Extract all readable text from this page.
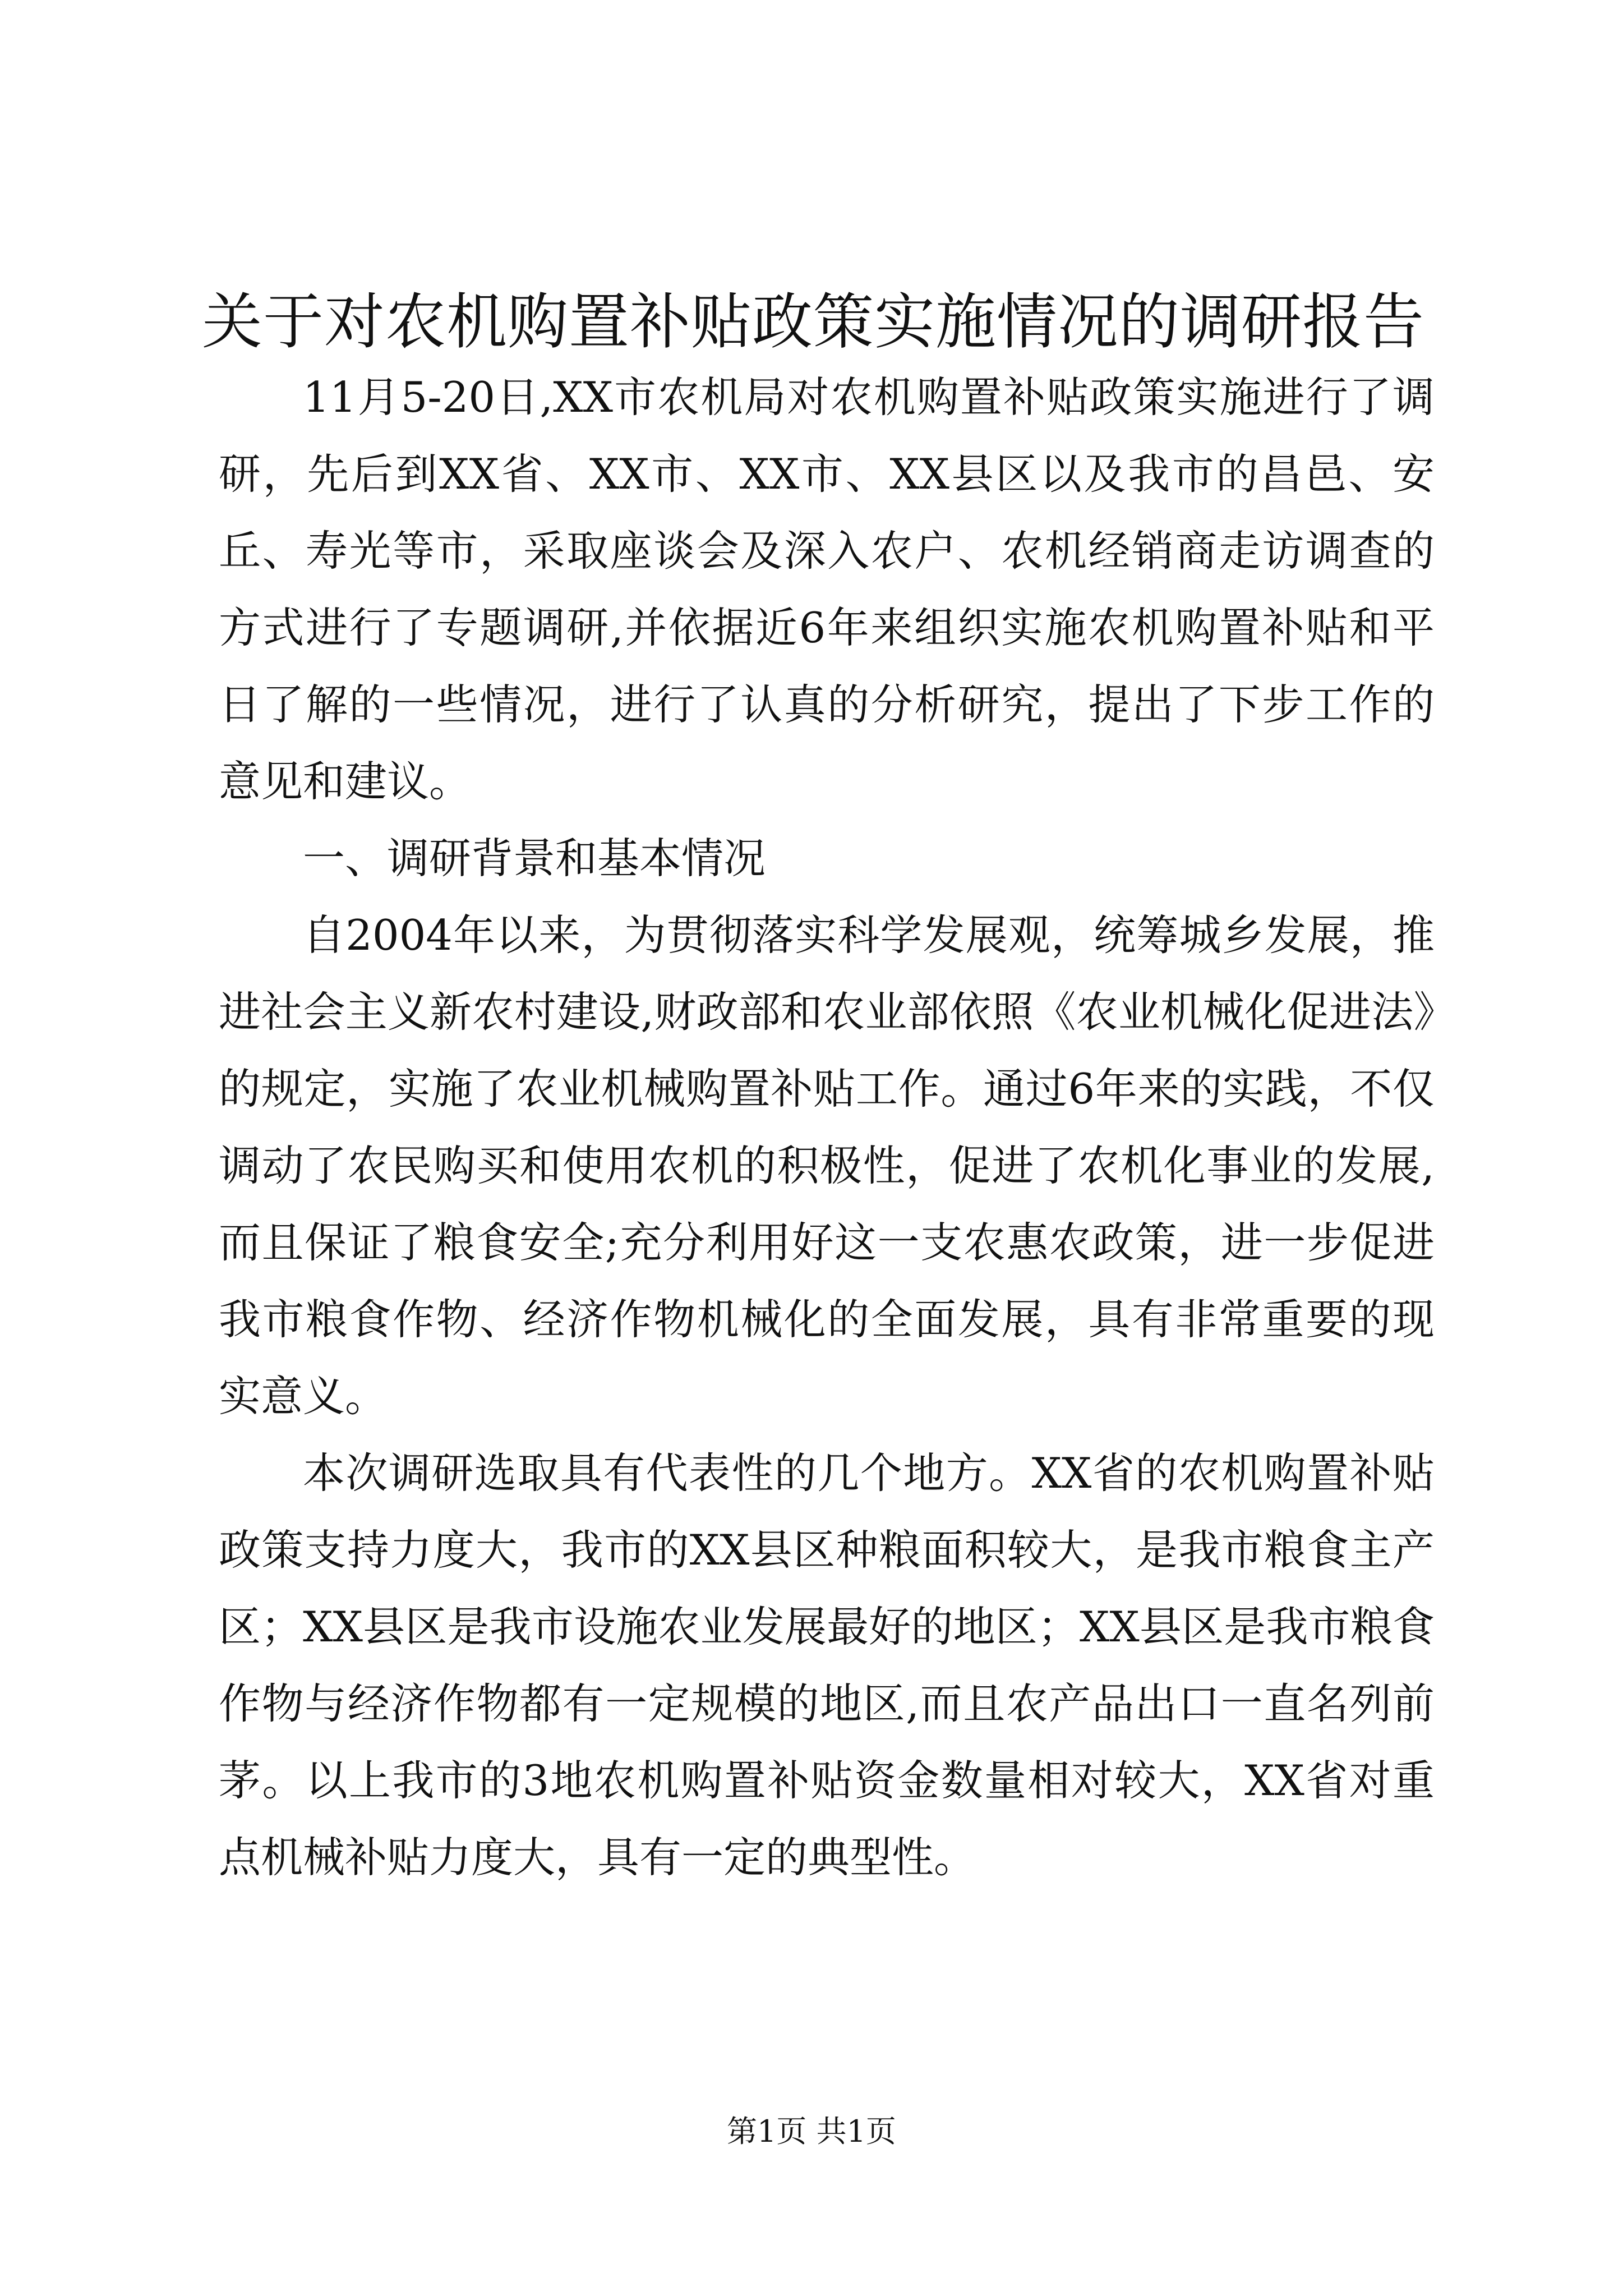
关于对农机购置补贴政策实施情况的调研报告

11月5-20日,XX市农机局对农机购置补贴政策实施进行了调研，先后到XX省、XX市、XX市、XX县区以及我市的昌邑、安丘、寿光等市，采取座谈会及深入农户、农机经销商走访调查的方式进行了专题调研,并依据近6年来组织实施农机购置补贴和平日了解的一些情况，进行了认真的分析研究，提出了下步工作的意见和建议。

一、调研背景和基本情况

自2004年以来，为贯彻落实科学发展观，统筹城乡发展，推进社会主义新农村建设,财政部和农业部依照《农业机械化促进法》的规定，实施了农业机械购置补贴工作。通过6年来的实践，不仅调动了农民购买和使用农机的积极性，促进了农机化事业的发展,而且保证了粮食安全;充分利用好这一支农惠农政策，进一步促进我市粮食作物、经济作物机械化的全面发展，具有非常重要的现实意义。

本次调研选取具有代表性的几个地方。XX省的农机购置补贴政策支持力度大，我市的XX县区种粮面积较大，是我市粮食主产区；XX县区是我市设施农业发展最好的地区；XX县区是我市粮食作物与经济作物都有一定规模的地区,而且农产品出口一直名列前茅。以上我市的3地农机购置补贴资金数量相对较大，XX省对重点机械补贴力度大，具有一定的典型性。

第1页 共1页
